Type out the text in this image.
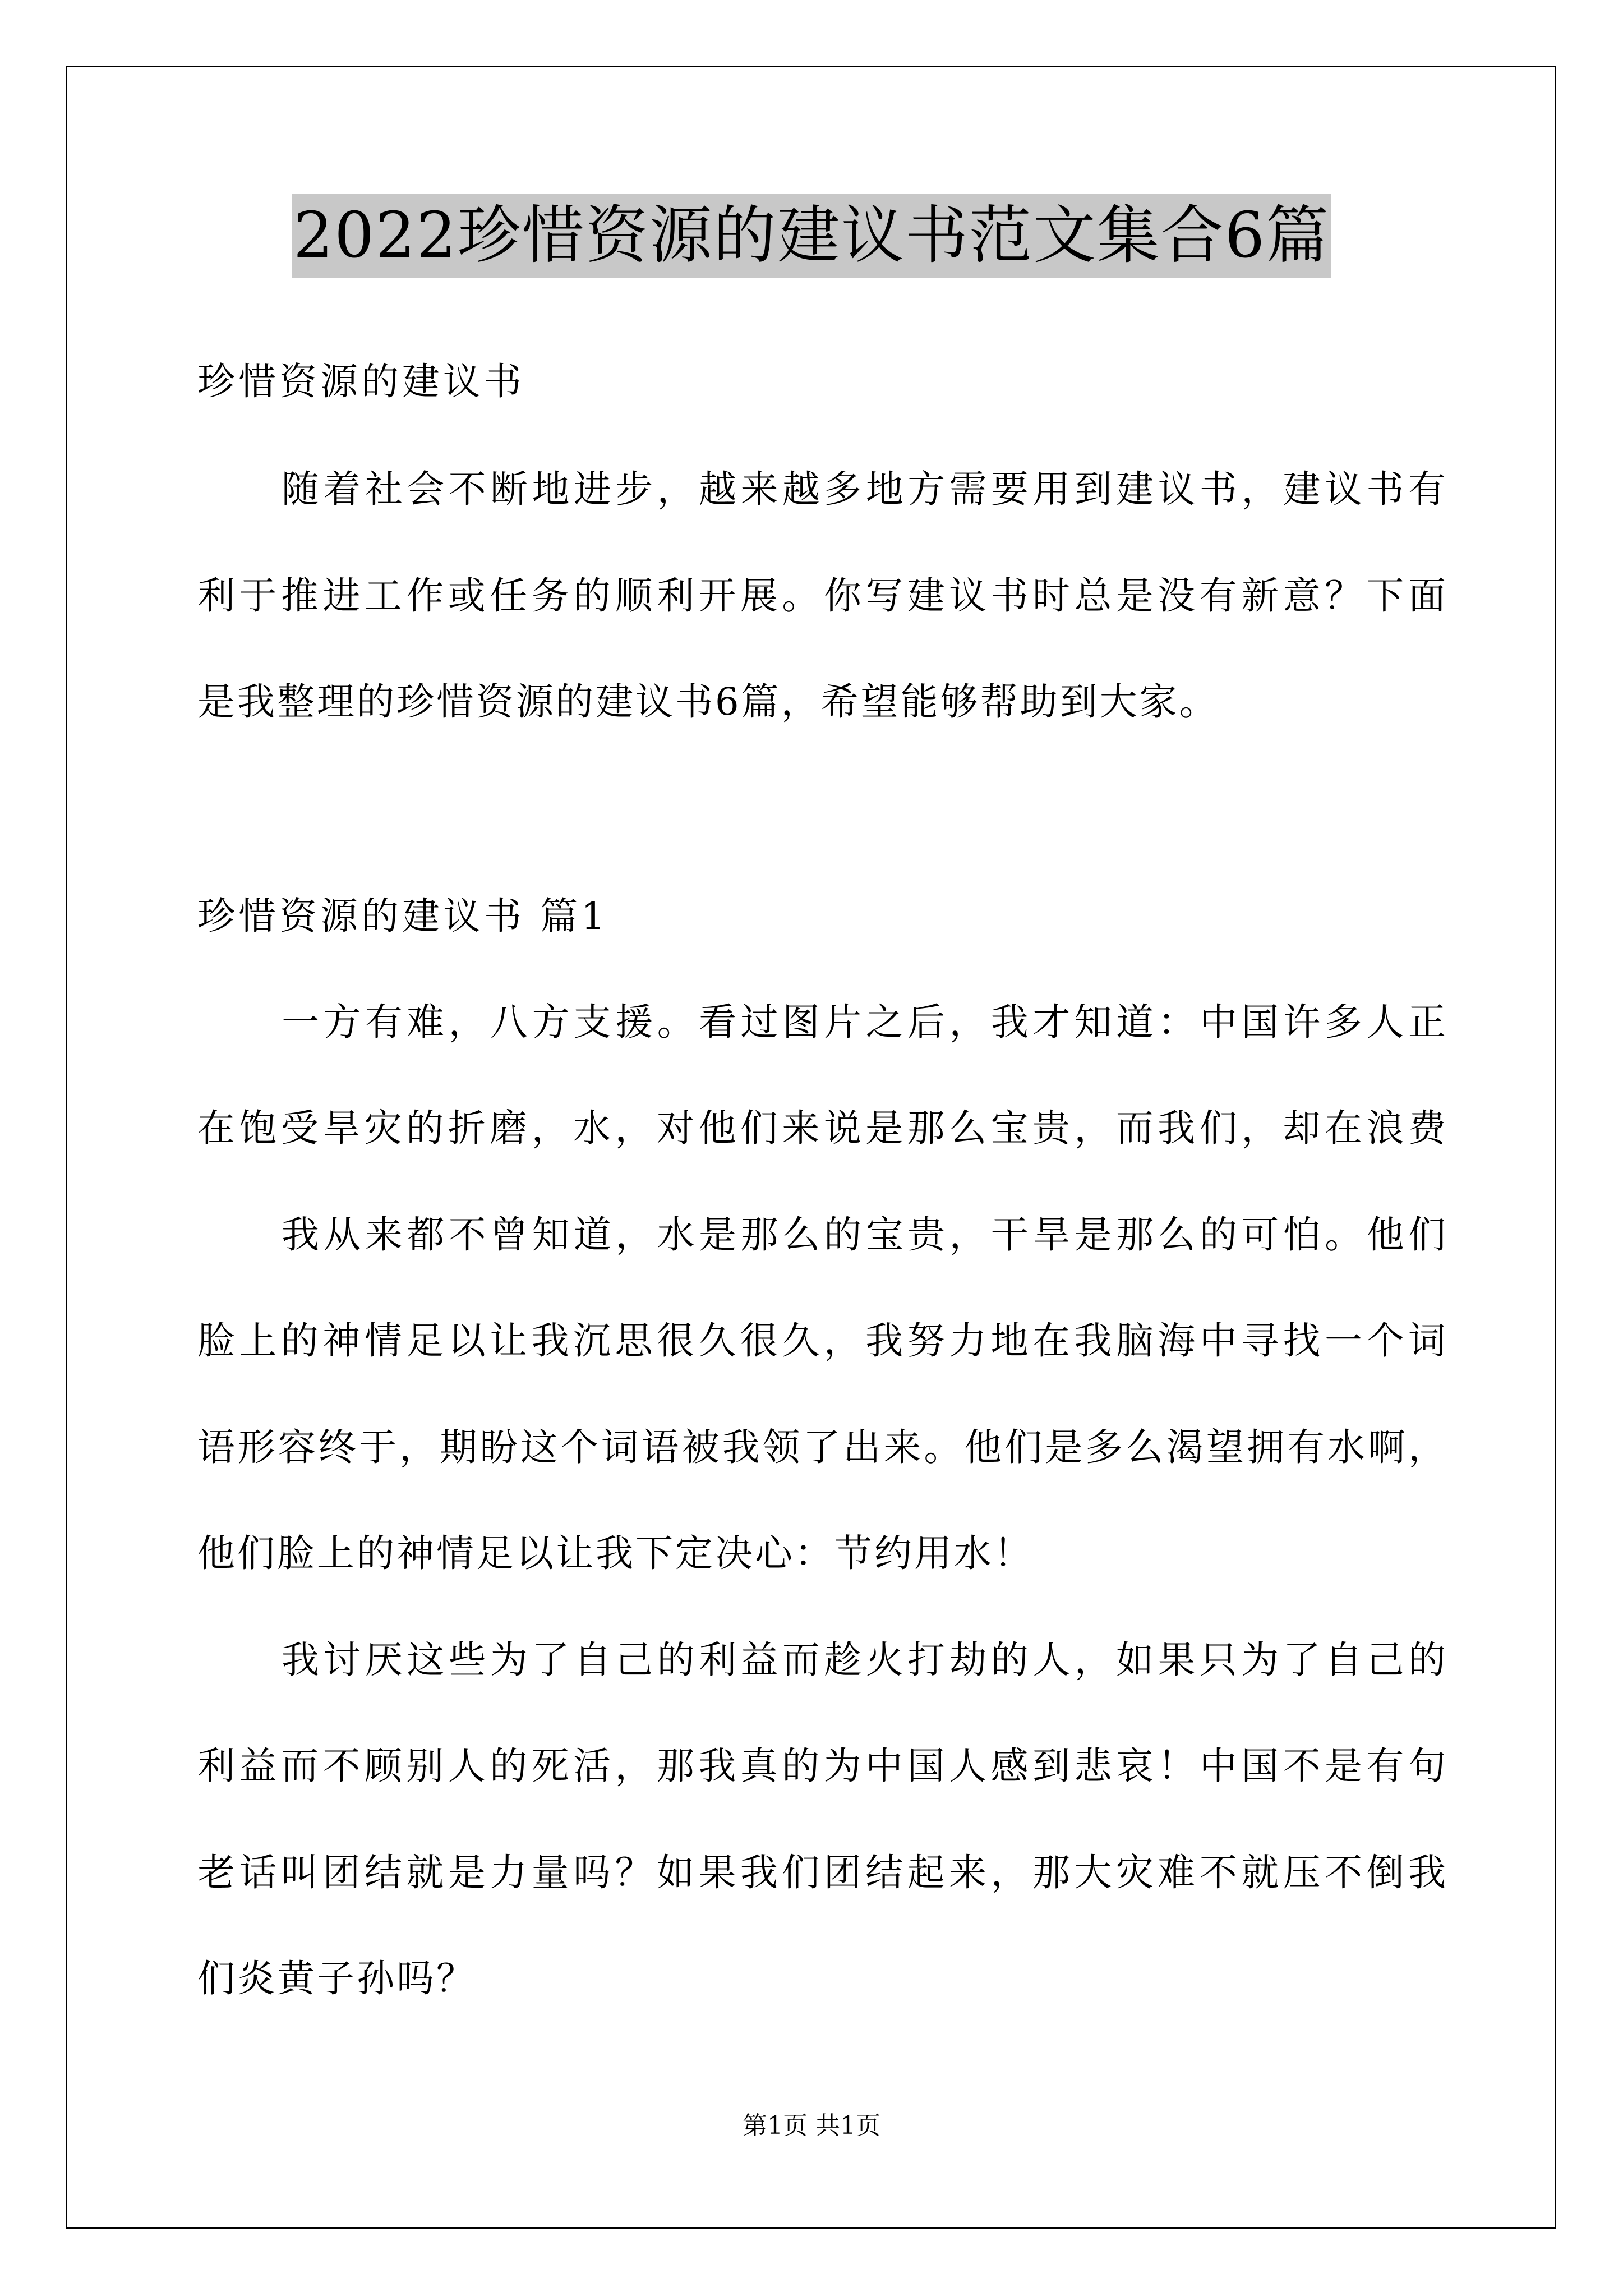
2022珍惜资源的建议书范文集合6篇
珍惜资源的建议书
随着社会不断地进步，越来越多地方需要用到建议书，建议书有
利于推进工作或任务的顺利开展。你写建议书时总是没有新意？下面
是我整理的珍惜资源的建议书6篇，希望能够帮助到大家。
珍惜资源的建议书 篇1
一方有难，八方支援。看过图片之后，我才知道：中国许多人正
在饱受旱灾的折磨，水，对他们来说是那么宝贵，而我们，却在浪费
我从来都不曾知道，水是那么的宝贵，干旱是那么的可怕。他们
脸上的神情足以让我沉思很久很久，我努力地在我脑海中寻找一个词
语形容终于，期盼这个词语被我领了出来。他们是多么渴望拥有水啊，
他们脸上的神情足以让我下定决心：节约用水！
我讨厌这些为了自己的利益而趁火打劫的人，如果只为了自己的
利益而不顾别人的死活，那我真的为中国人感到悲哀！中国不是有句
老话叫团结就是力量吗？如果我们团结起来，那大灾难不就压不倒我
们炎黄子孙吗？
第1页 共1页
